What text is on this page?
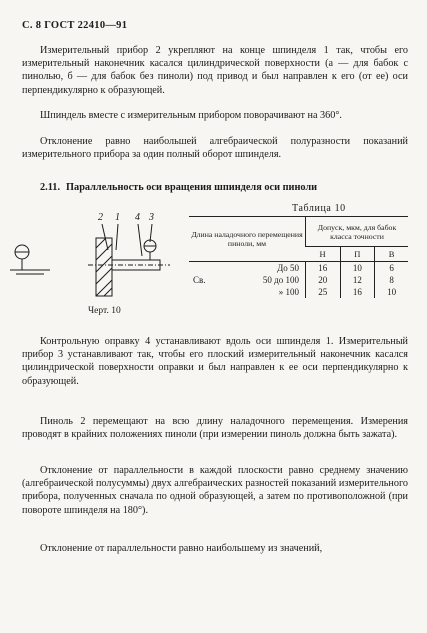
С. 8 ГОСТ 22410—91
Измерительный прибор 2 укрепляют на конце шпинделя 1 так, чтобы его измерительный наконечник касался цилиндрической поверхности (а — для бабок с пинолью, б — для бабок без пиноли) под привод и был направлен к его (от ее) оси перпендикулярно к образующей.
Шпиндель вместе с измерительным прибором поворачивают на 360°.
Отклонение равно наибольшей алгебраической полуразности показаний измерительного прибора за один полный оборот шпинделя.
2.11. Параллельность оси вращения шпинделя оси пиноли
2 1 4 3
Черт. 10
Таблица 10
Длина наладочного перемещения пиноли, мм	Допуск, мкм, для бабок класса точности		
	Н	П	В

До 50	16	10	6
Св. 50 до 100	20	12	8

» 100	25	16	10
Контрольную оправку 4 устанавливают вдоль оси шпинделя 1. Измерительный прибор 3 устанавливают так, чтобы его плоский измерительный наконечник касался цилиндрической поверхности оправки и был направлен к ее оси перпендикулярно к образующей.
Пиноль 2 перемещают на всю длину наладочного перемещения. Измерения проводят в крайних положениях пиноли (при измерении пиноль должна быть зажата).
Отклонение от параллельности в каждой плоскости равно среднему значению (алгебраической полусуммы) двух алгебраических разностей показаний измерительного прибора, полученных сначала по одной образующей, а затем по противоположной (при повороте шпинделя на 180°).
Отклонение от параллельности равно наибольшему из значений,
